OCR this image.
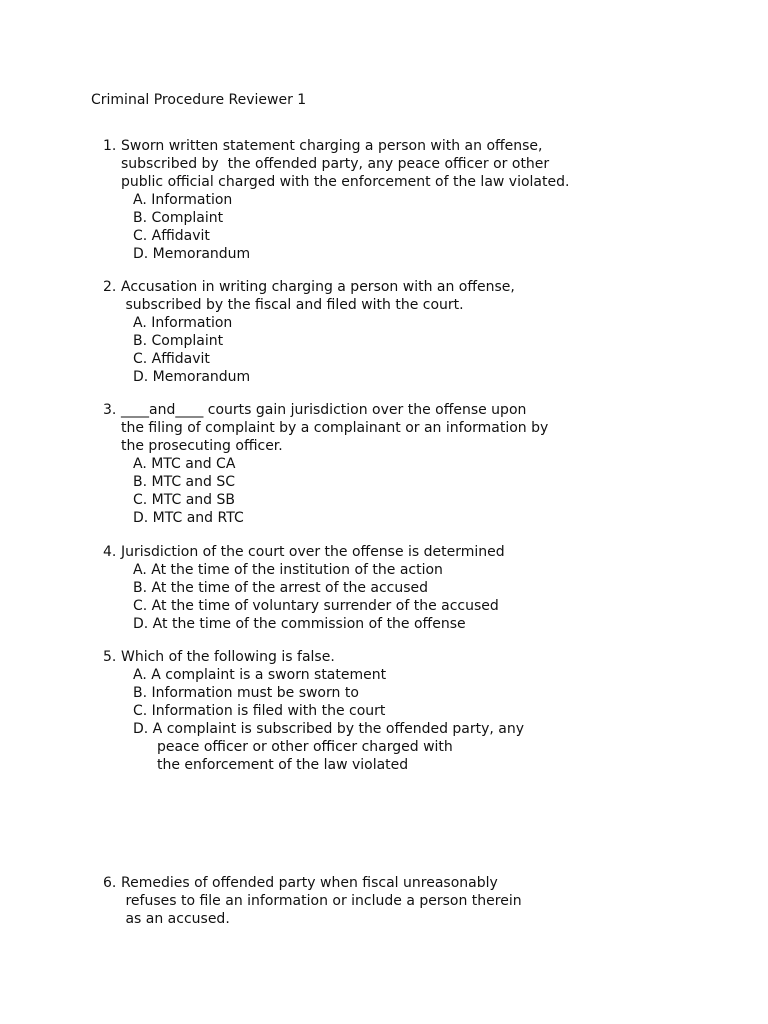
Criminal Procedure Reviewer 1
1. Sworn written statement charging a person with an offense,
subscribed by  the offended party, any peace officer or other
public official charged with the enforcement of the law violated.
A. Information
B. Complaint
C. Affidavit
D. Memorandum
2. Accusation in writing charging a person with an offense,
subscribed by the fiscal and filed with the court.
A. Information
B. Complaint
C. Affidavit
D. Memorandum
3. ____and____ courts gain jurisdiction over the offense upon
the filing of complaint by a complainant or an information by
the prosecuting officer.
A. MTC and CA
B. MTC and SC
C. MTC and SB
D. MTC and RTC
4. Jurisdiction of the court over the offense is determined
A. At the time of the institution of the action
B. At the time of the arrest of the accused
C. At the time of voluntary surrender of the accused
D. At the time of the commission of the offense
5. Which of the following is false.
A. A complaint is a sworn statement
B. Information must be sworn to
C. Information is filed with the court
D. A complaint is subscribed by the offended party, any
peace officer or other officer charged with
the enforcement of the law violated
6. Remedies of offended party when fiscal unreasonably
refuses to file an information or include a person therein
as an accused.
